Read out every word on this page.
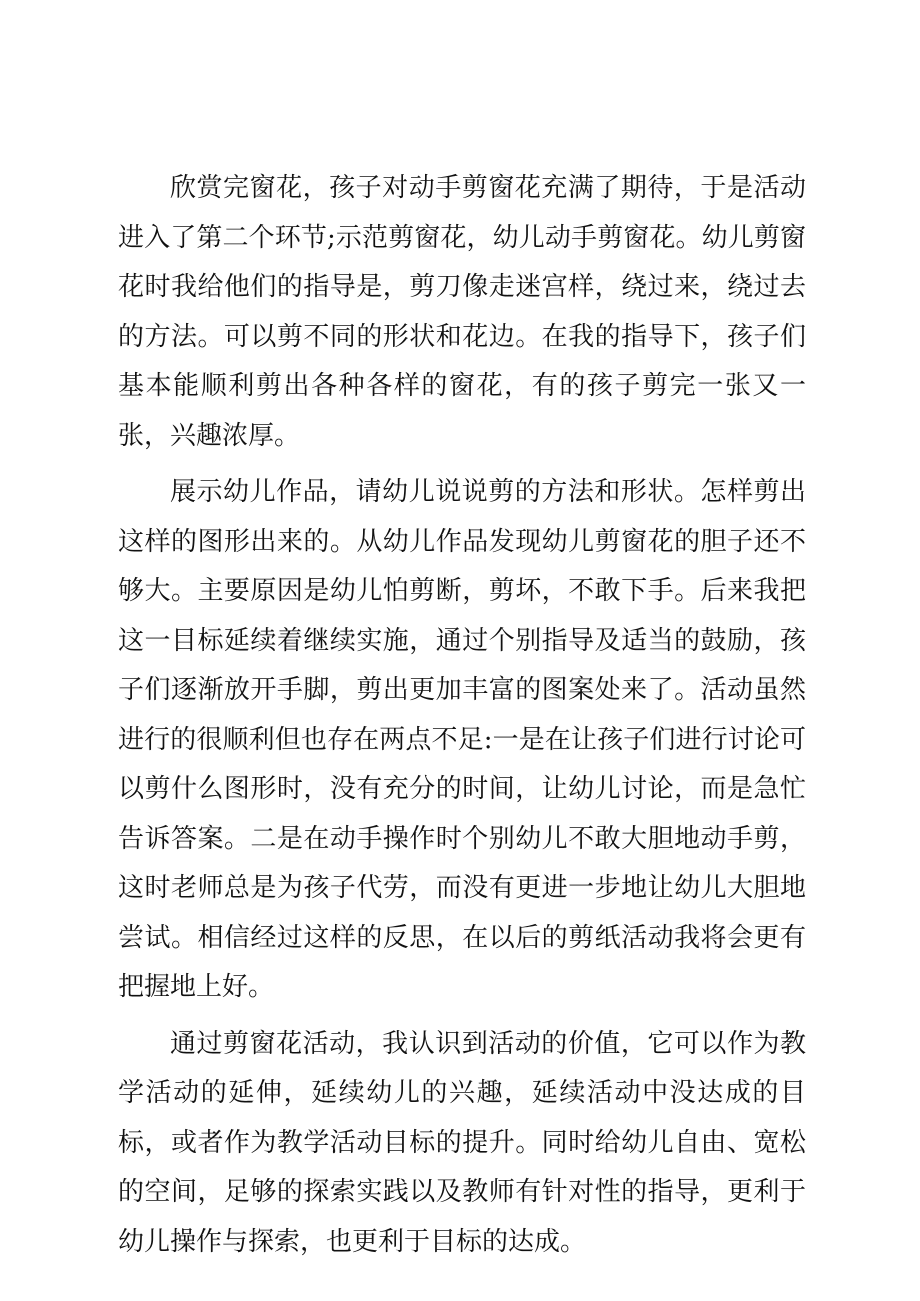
欣赏完窗花，孩子对动手剪窗花充满了期待，于是活动进入了第二个环节;示范剪窗花，幼儿动手剪窗花。幼儿剪窗花时我给他们的指导是，剪刀像走迷宫样，绕过来，绕过去的方法。可以剪不同的形状和花边。在我的指导下，孩子们基本能顺利剪出各种各样的窗花，有的孩子剪完一张又一张，兴趣浓厚。

展示幼儿作品，请幼儿说说剪的方法和形状。怎样剪出这样的图形出来的。从幼儿作品发现幼儿剪窗花的胆子还不够大。主要原因是幼儿怕剪断，剪坏，不敢下手。后来我把这一目标延续着继续实施，通过个别指导及适当的鼓励，孩子们逐渐放开手脚，剪出更加丰富的图案处来了。活动虽然进行的很顺利但也存在两点不足:一是在让孩子们进行讨论可以剪什么图形时，没有充分的时间，让幼儿讨论，而是急忙告诉答案。二是在动手操作时个别幼儿不敢大胆地动手剪，这时老师总是为孩子代劳，而没有更进一步地让幼儿大胆地尝试。相信经过这样的反思，在以后的剪纸活动我将会更有把握地上好。

通过剪窗花活动，我认识到活动的价值，它可以作为教学活动的延伸，延续幼儿的兴趣，延续活动中没达成的目标，或者作为教学活动目标的提升。同时给幼儿自由、宽松的空间，足够的探索实践以及教师有针对性的指导，更利于幼儿操作与探索，也更利于目标的达成。
